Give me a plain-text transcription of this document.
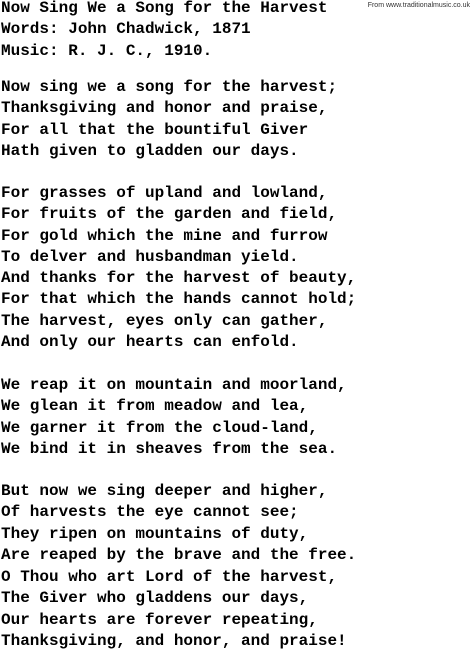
Now Sing We a Song for the Harvest
Words: John Chadwick, 1871
Music: R. J. C., 1910.
From www.traditionalmusic.co.uk
Now sing we a song for the harvest;
Thanksgiving and honor and praise,
For all that the bountiful Giver
Hath given to gladden our days.
For grasses of upland and lowland,
For fruits of the garden and field,
For gold which the mine and furrow
To delver and husbandman yield.
And thanks for the harvest of beauty,
For that which the hands cannot hold;
The harvest, eyes only can gather,
And only our hearts can enfold.
We reap it on mountain and moorland,
We glean it from meadow and lea,
We garner it from the cloud-land,
We bind it in sheaves from the sea.
But now we sing deeper and higher,
Of harvests the eye cannot see;
They ripen on mountains of duty,
Are reaped by the brave and the free.
O Thou who art Lord of the harvest,
The Giver who gladdens our days,
Our hearts are forever repeating,
Thanksgiving, and honor, and praise!
